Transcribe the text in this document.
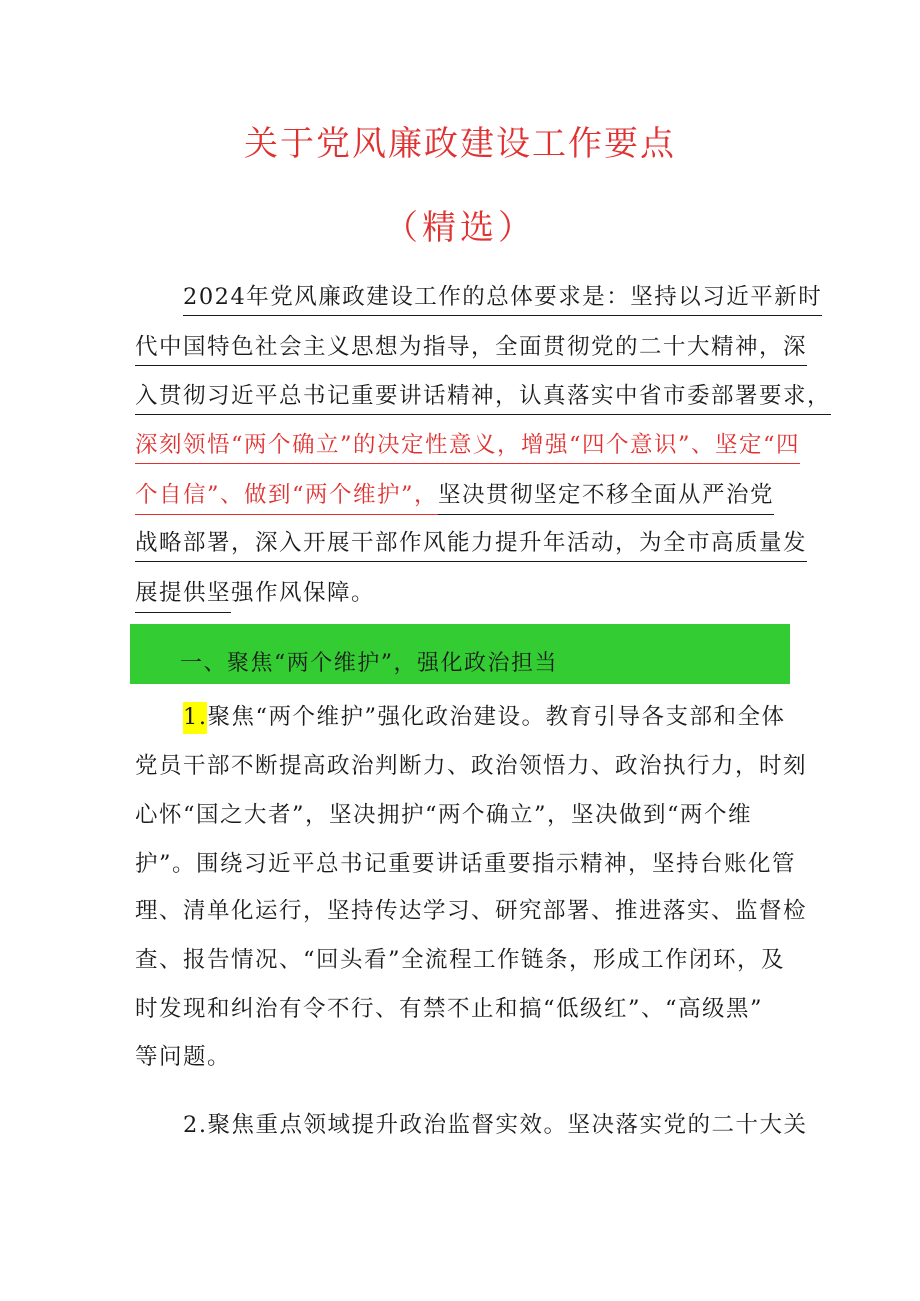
关于党风廉政建设工作要点
（精选）
2024年党风廉政建设工作的总体要求是：坚持以习近平新时
代中国特色社会主义思想为指导，全面贯彻党的二十大精神，深
入贯彻习近平总书记重要讲话精神，认真落实中省市委部署要求，
深刻领悟“两个确立”的决定性意义，增强“四个意识”、坚定“四
个自信”、做到“两个维护”，坚决贯彻坚定不移全面从严治党
战略部署，深入开展干部作风能力提升年活动，为全市高质量发
展提供坚强作风保障。
一、聚焦“两个维护”，强化政治担当
1.聚焦“两个维护”强化政治建设。教育引导各支部和全体
党员干部不断提高政治判断力、政治领悟力、政治执行力，时刻
心怀“国之大者”，坚决拥护“两个确立”，坚决做到“两个维
护”。围绕习近平总书记重要讲话重要指示精神，坚持台账化管
理、清单化运行，坚持传达学习、研究部署、推进落实、监督检
查、报告情况、“回头看”全流程工作链条，形成工作闭环，及
时发现和纠治有令不行、有禁不止和搞“低级红”、“高级黑”
等问题。
2.聚焦重点领域提升政治监督实效。坚决落实党的二十大关
